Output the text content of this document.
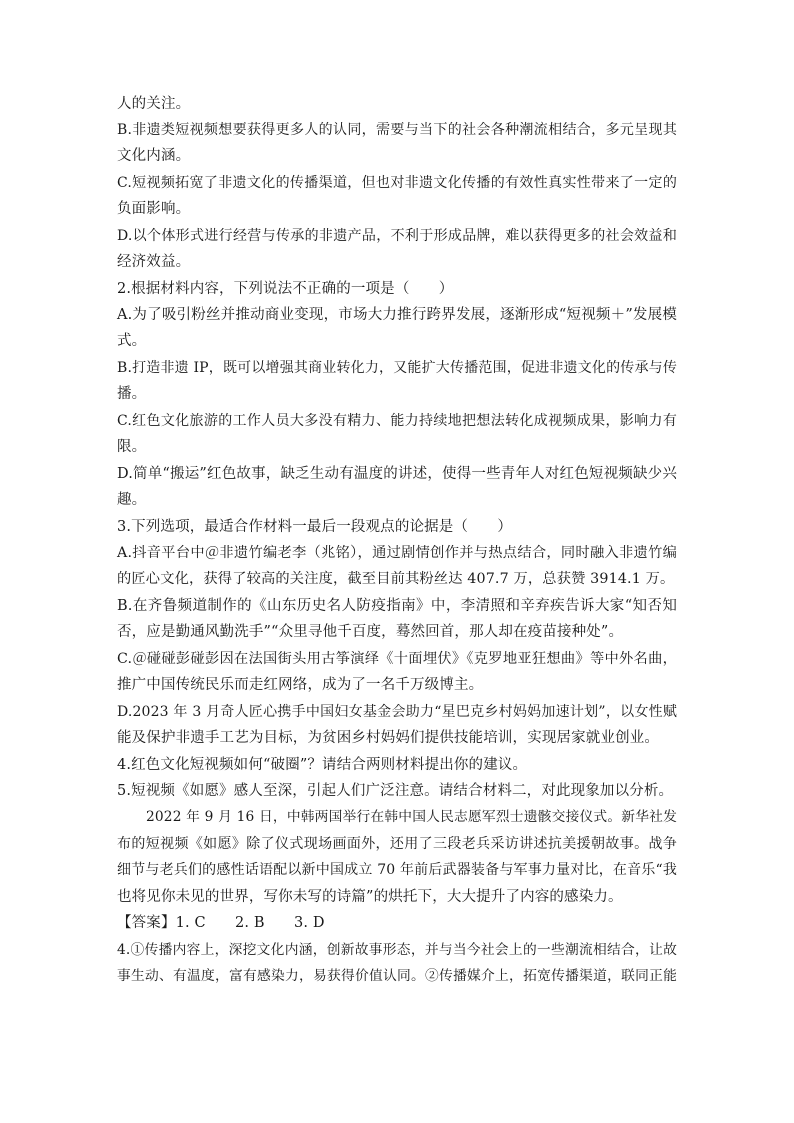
人的关注。
B.非遗类短视频想要获得更多人的认同，需要与当下的社会各种潮流相结合，多元呈现其
文化内涵。
C.短视频拓宽了非遗文化的传播渠道，但也对非遗文化传播的有效性真实性带来了一定的
负面影响。
D.以个体形式进行经营与传承的非遗产品，不利于形成品牌，难以获得更多的社会效益和
经济效益。
2.根据材料内容，下列说法不正确的一项是（　　）
A.为了吸引粉丝并推动商业变现，市场大力推行跨界发展，逐渐形成“短视频＋”发展模
式。
B.打造非遗 IP，既可以增强其商业转化力，又能扩大传播范围，促进非遗文化的传承与传
播。
C.红色文化旅游的工作人员大多没有精力、能力持续地把想法转化成视频成果，影响力有
限。
D.简单“搬运”红色故事，缺乏生动有温度的讲述，使得一些青年人对红色短视频缺少兴
趣。
3.下列选项，最适合作材料一最后一段观点的论据是（　　）
A.抖音平台中＠非遗竹编老李（兆铭），通过剧情创作并与热点结合，同时融入非遗竹编
的匠心文化，获得了较高的关注度，截至目前其粉丝达 407.7 万，总获赞 3914.1 万。
B.在齐鲁频道制作的《山东历史名人防疫指南》中，李清照和辛弃疾告诉大家“知否知
否，应是勤通风勤洗手”“众里寻他千百度，蓦然回首，那人却在疫苗接种处”。
C.＠碰碰彭碰彭因在法国街头用古筝演绎《十面埋伏》《克罗地亚狂想曲》等中外名曲，
推广中国传统民乐而走红网络，成为了一名千万级博主。
D.2023 年 3 月奇人匠心携手中国妇女基金会助力“星巴克乡村妈妈加速计划”，以女性赋
能及保护非遗手工艺为目标，为贫困乡村妈妈们提供技能培训，实现居家就业创业。
4.红色文化短视频如何“破圈”？请结合两则材料提出你的建议。
5.短视频《如愿》感人至深，引起人们广泛注意。请结合材料二，对此现象加以分析。
2022 年 9 月 16 日，中韩两国举行在韩中国人民志愿军烈士遗骸交接仪式。新华社发
布的短视频《如愿》除了仪式现场画面外，还用了三段老兵采访讲述抗美援朝故事。战争
细节与老兵们的感性话语配以新中国成立 70 年前后武器装备与军事力量对比，在音乐“我
也将见你未见的世界，写你未写的诗篇”的烘托下，大大提升了内容的感染力。
【答案】1. C　　2. B　　3. D
4.①传播内容上，深挖文化内涵，创新故事形态，并与当今社会上的一些潮流相结合，让故
事生动、有温度，富有感染力，易获得价值认同。②传播媒介上，拓宽传播渠道，联同正能
